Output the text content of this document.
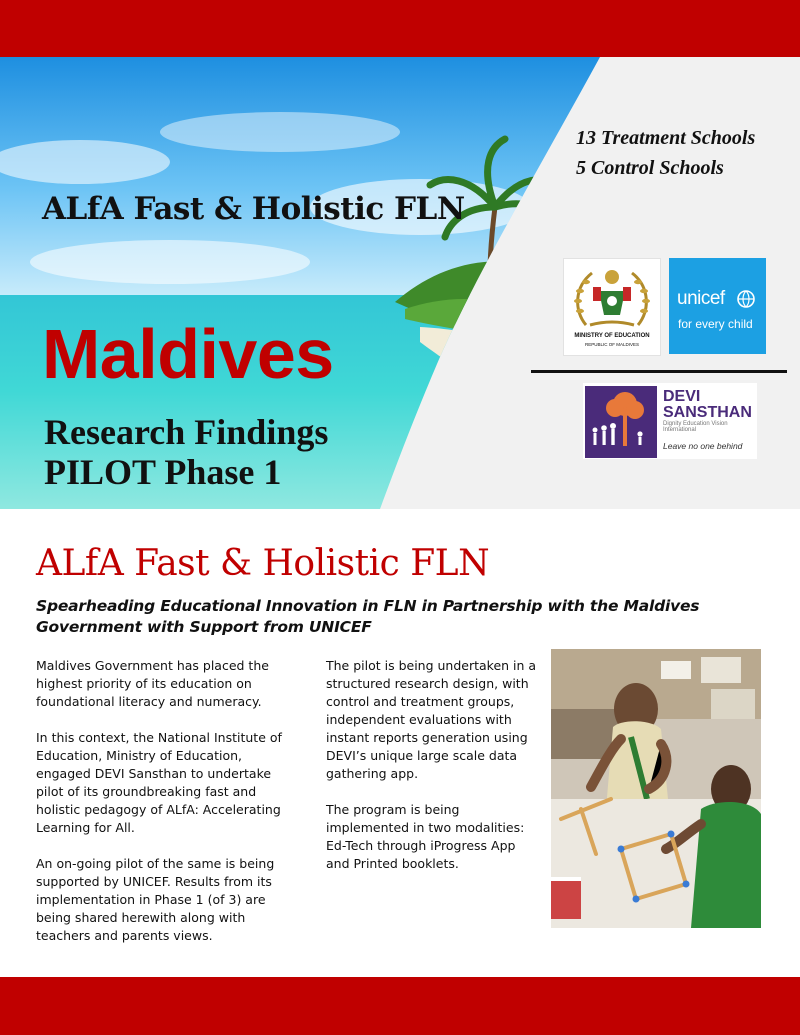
ALfA Fast & Holistic FLN
Maldives
Research Findings
PILOT Phase 1
13 Treatment Schools
5 Control Schools
MINISTRY OF EDUCATION
REPUBLIC OF MALDIVES
unicef
for every child
DEVI
SANSTHAN
Dignity Education Vision International
Leave no one behind
ALfA Fast & Holistic FLN
Spearheading Educational Innovation in FLN in Partnership with the Maldives Government with Support from UNICEF

Maldives Government has placed the highest priority of its education on foundational literacy and numeracy.

In this context, the National Institute of Education, Ministry of Education, engaged DEVI Sansthan to undertake pilot of its groundbreaking fast and holistic pedagogy of ALfA: Accelerating Learning for All.

An on-going pilot of the same is being supported by UNICEF. Results from its implementation in Phase 1 (of 3) are being shared herewith along with teachers and parents views.

The pilot is being undertaken in a structured research design, with control and treatment groups, independent evaluations with instant reports generation using DEVI’s unique large scale data gathering app.

The program is being implemented in two modalities: Ed-Tech through iProgress App and Printed booklets.
